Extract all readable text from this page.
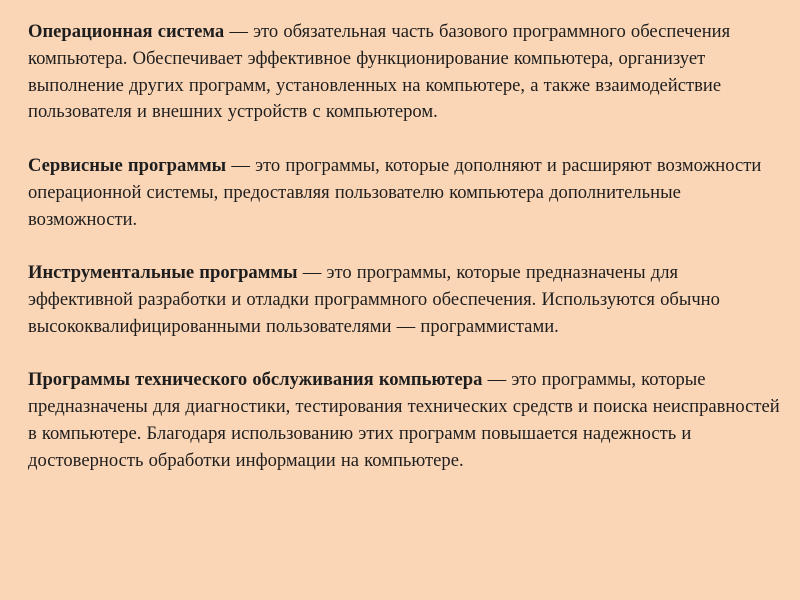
Операционная система — это обязательная часть базового программного обеспечения компьютера. Обеспечивает эффективное функционирование компьютера, организует выполнение других программ, установленных на компьютере, а также взаимодействие пользователя и внешних устройств с компьютером.

Сервисные программы — это программы, которые дополняют и расширяют возможности операционной системы, предоставляя пользователю компьютера дополнительные возможности.

Инструментальные программы — это программы, которые предназначены для эффективной разработки и отладки программного обеспечения. Используются обычно высококвалифицированными пользователями — программистами.

Программы технического обслуживания компьютера — это программы, которые предназначены для диагностики, тестирования технических средств и поиска неисправностей в компьютере. Благодаря использованию этих программ повышается надежность и достоверность обработки информации на компьютере.
